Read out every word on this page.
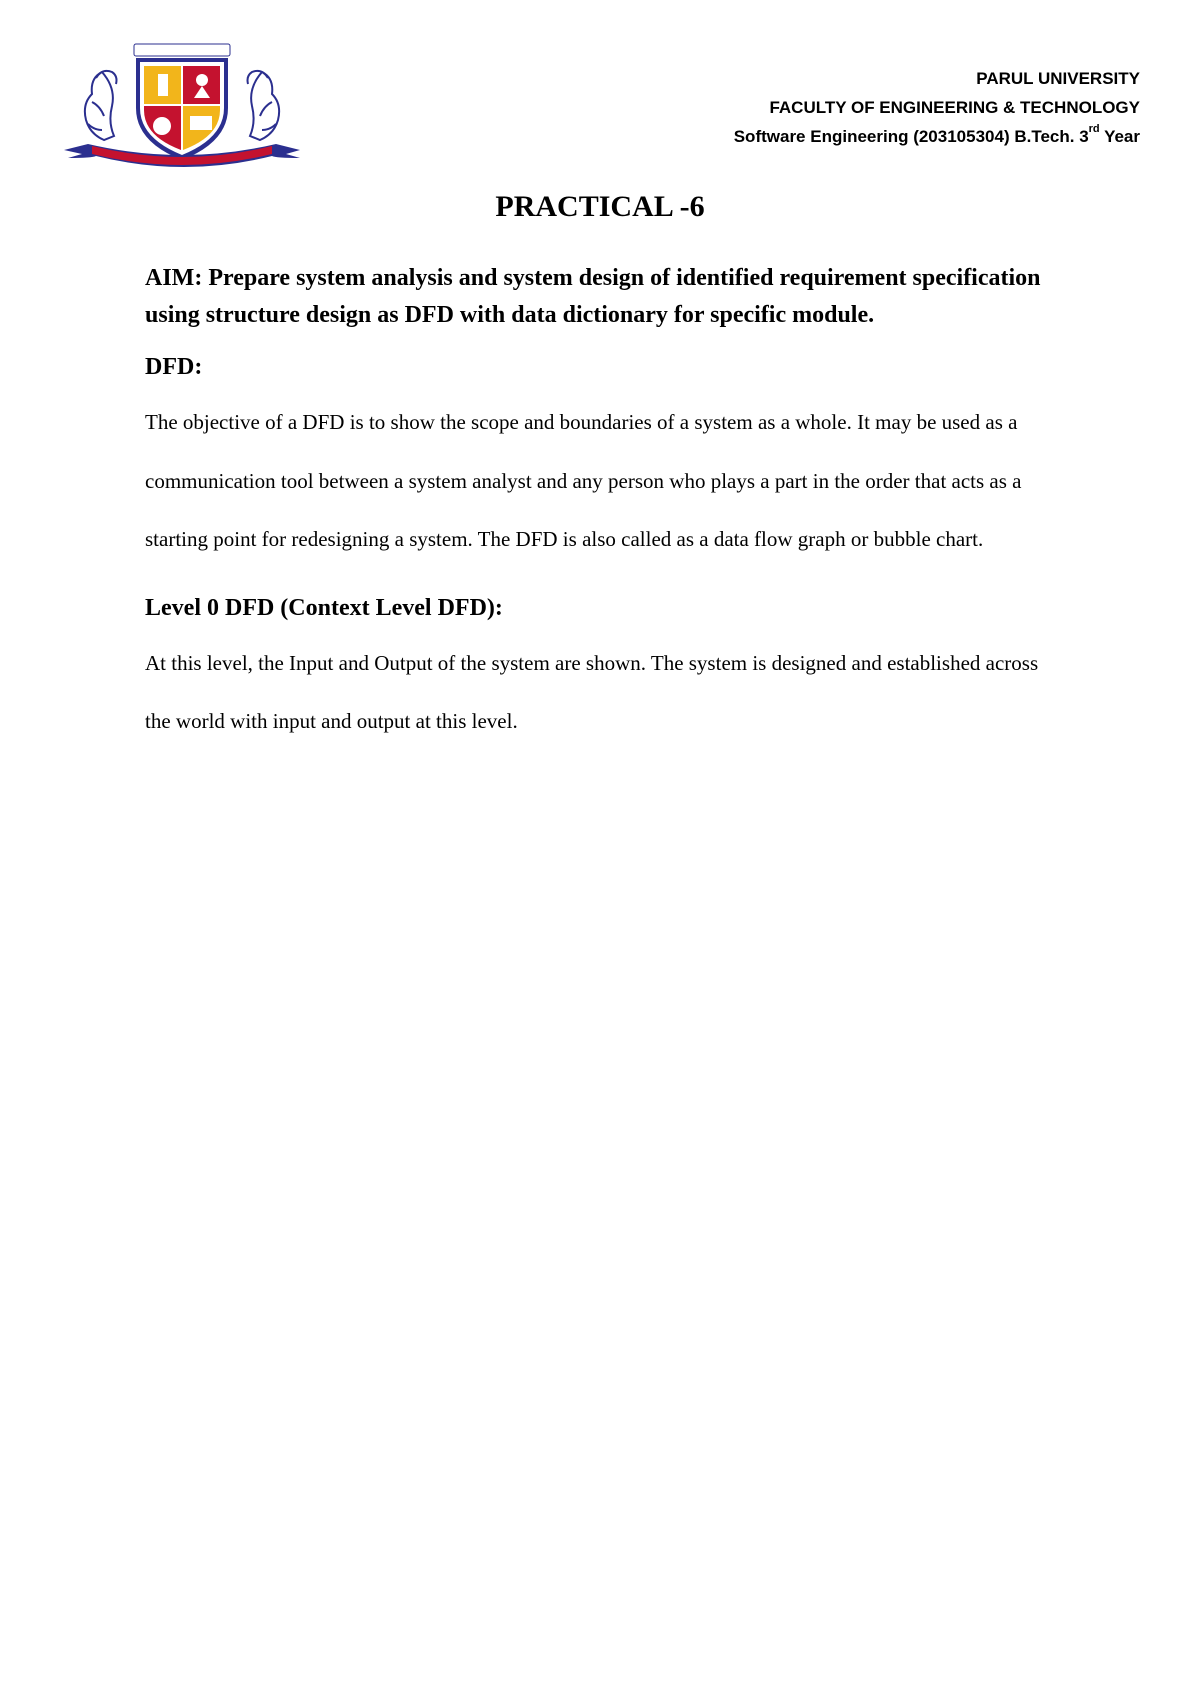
PARUL UNIVERSITY
FACULTY OF ENGINEERING & TECHNOLOGY
Software Engineering (203105304) B.Tech. 3rd Year
PRACTICAL -6

AIM: Prepare system analysis and system design of identified requirement specification using structure design as DFD with data dictionary for specific module.

DFD:

The objective of a DFD is to show the scope and boundaries of a system as a whole. It may be used as a communication tool between a system analyst and any person who plays a part in the order that acts as a starting point for redesigning a system. The DFD is also called as a data flow graph or bubble chart.

Level 0 DFD (Context Level DFD):

At this level, the Input and Output of the system are shown. The system is designed and established across the world with input and output at this level.
